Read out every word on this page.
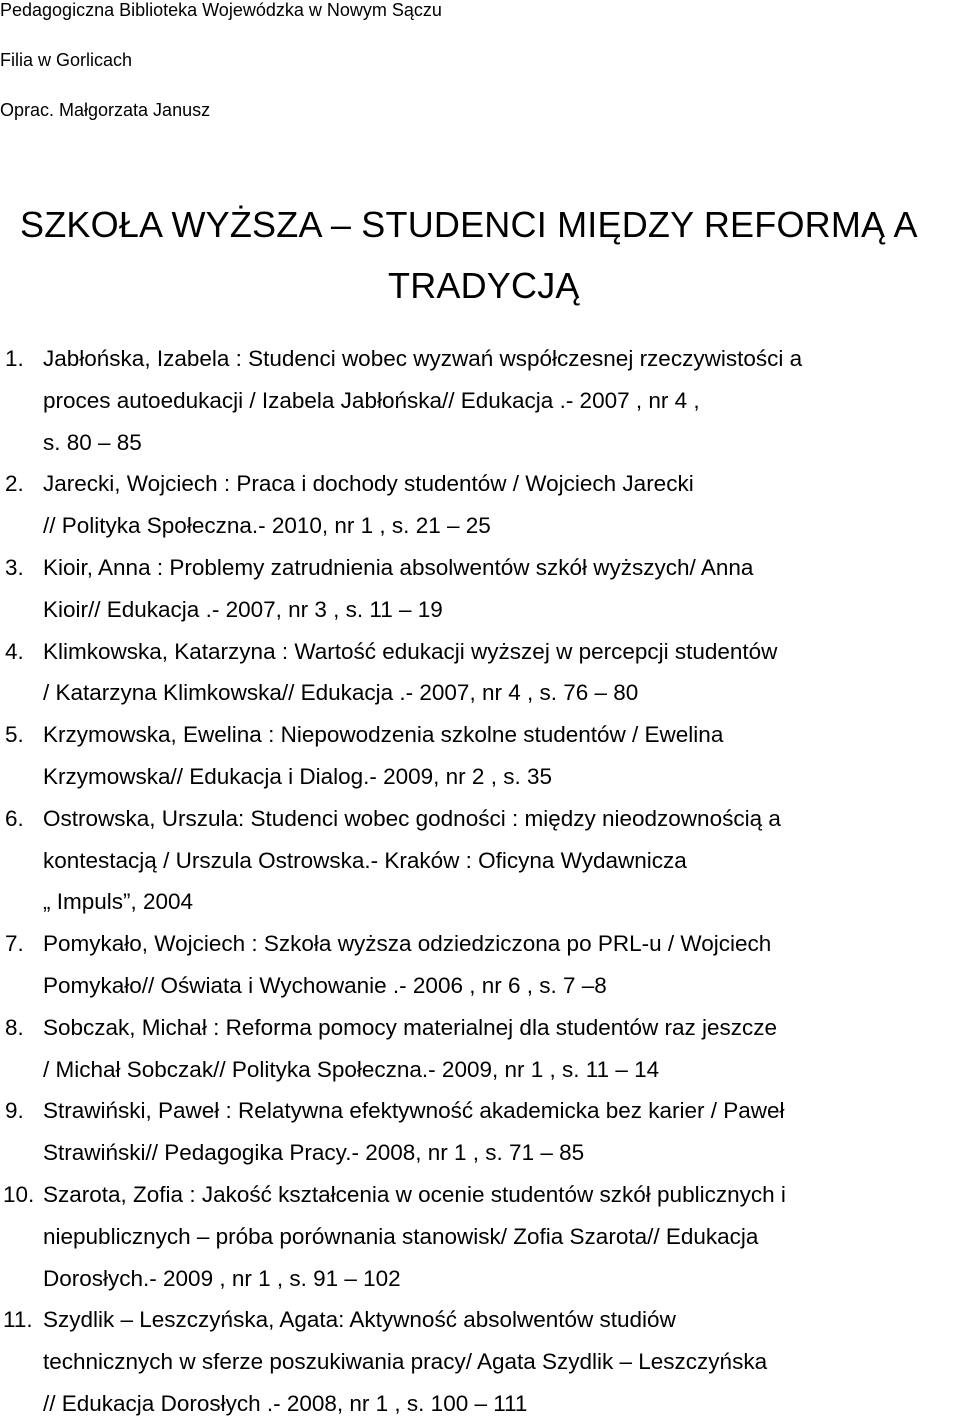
Pedagogiczna Biblioteka Wojewódzka w Nowym Sączu
Filia w Gorlicach
Oprac. Małgorzata Janusz
SZKOŁA WYŻSZA – STUDENCI MIĘDZY REFORMĄ A
TRADYCJĄ
1. Jabłońska, Izabela : Studenci wobec wyzwań współczesnej rzeczywistości a
proces autoedukacji / Izabela Jabłońska// Edukacja .- 2007 , nr 4 ,
s. 80 – 85
2. Jarecki, Wojciech : Praca i dochody studentów / Wojciech Jarecki
// Polityka Społeczna.- 2010, nr 1 , s. 21 – 25
3. Kioir, Anna : Problemy zatrudnienia absolwentów szkół wyższych/ Anna
Kioir// Edukacja .- 2007, nr 3 , s. 11 – 19
4. Klimkowska, Katarzyna : Wartość edukacji wyższej w percepcji studentów
/ Katarzyna Klimkowska// Edukacja .- 2007, nr 4 , s. 76 – 80
5. Krzymowska, Ewelina : Niepowodzenia szkolne studentów / Ewelina
Krzymowska// Edukacja i Dialog.- 2009, nr 2 , s. 35
6. Ostrowska, Urszula: Studenci wobec godności : między nieodzownością a
kontestacją / Urszula Ostrowska.- Kraków : Oficyna Wydawnicza
„ Impuls”, 2004
7. Pomykało, Wojciech : Szkoła wyższa odziedziczona po PRL-u / Wojciech
Pomykało// Oświata i Wychowanie .- 2006 , nr 6 , s. 7 –8
8. Sobczak, Michał : Reforma pomocy materialnej dla studentów raz jeszcze
/ Michał Sobczak// Polityka Społeczna.- 2009, nr 1 , s. 11 – 14
9. Strawiński, Paweł : Relatywna efektywność akademicka bez karier / Paweł
Strawiński// Pedagogika Pracy.- 2008, nr 1 , s. 71 – 85
10. Szarota, Zofia : Jakość kształcenia w ocenie studentów szkół publicznych i
niepublicznych – próba porównania stanowisk/ Zofia Szarota// Edukacja
Dorosłych.- 2009 , nr 1 , s. 91 – 102
11. Szydlik – Leszczyńska, Agata: Aktywność absolwentów studiów
technicznych w sferze poszukiwania pracy/ Agata Szydlik – Leszczyńska
// Edukacja Dorosłych .- 2008, nr 1 , s. 100 – 111
